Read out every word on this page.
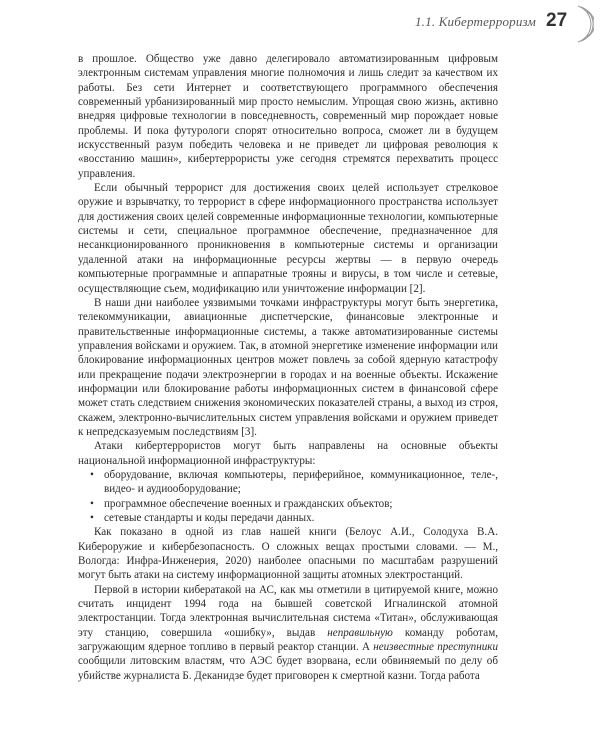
1.1. Кибертерроризм 27

в прошлое. Общество уже давно делегировало автоматизированным цифровым электронным системам управления многие полномочия и лишь следит за качеством их работы. Без сети Интернет и соответствующего программного обеспечения современный урбанизированный мир просто немыслим. Упрощая свою жизнь, активно внедряя цифровые технологии в повседневность, современный мир порождает новые проблемы. И пока футурологи спорят относительно вопроса, сможет ли в будущем искусственный разум победить человека и не приведет ли цифровая революция к «восстанию машин», кибертеррористы уже сегодня стремятся перехватить процесс управления.

Если обычный террорист для достижения своих целей использует стрелковое оружие и взрывчатку, то террорист в сфере информационного пространства использует для достижения своих целей современные информационные технологии, компьютерные системы и сети, специальное программное обеспечение, предназначенное для несанкционированного проникновения в компьютерные системы и организации удаленной атаки на информационные ресурсы жертвы — в первую очередь компьютерные программные и аппаратные трояны и вирусы, в том числе и сетевые, осуществляющие съем, модификацию или уничтожение информации [2].

В наши дни наиболее уязвимыми точками инфраструктуры могут быть энергетика, телекоммуникации, авиационные диспетчерские, финансовые электронные и правительственные информационные системы, а также автоматизированные системы управления войсками и оружием. Так, в атомной энергетике изменение информации или блокирование информационных центров может повлечь за собой ядерную катастрофу или прекращение подачи электроэнергии в городах и на военные объекты. Искажение информации или блокирование работы информационных систем в финансовой сфере может стать следствием снижения экономических показателей страны, а выход из строя, скажем, электронно-вычислительных систем управления войсками и оружием приведет к непредсказуемым последствиям [3].

Атаки кибертеррористов могут быть направлены на основные объекты национальной информационной инфраструктуры:

• оборудование, включая компьютеры, периферийное, коммуникационное, теле-, видео- и аудиооборудование;
• программное обеспечение военных и гражданских объектов;
• сетевые стандарты и коды передачи данных.

Как показано в одной из глав нашей книги (Белоус А.И., Солодуха В.А. Кибероружие и кибербезопасность. О сложных вещах простыми словами. — М., Вологда: Инфра-Инженерия, 2020) наиболее опасными по масштабам разрушений могут быть атаки на систему информационной защиты атомных электростанций.

Первой в истории кибератакой на АС, как мы отметили в цитируемой книге, можно считать инцидент 1994 года на бывшей советской Игналинской атомной электростанции. Тогда электронная вычислительная система «Титан», обслуживающая эту станцию, совершила «ошибку», выдав неправильную команду роботам, загружающим ядерное топливо в первый реактор станции. А неизвестные преступники сообщили литовским властям, что АЭС будет взорвана, если обвиняемый по делу об убийстве журналиста Б. Деканидзе будет приговорен к смертной казни. Тогда работа
